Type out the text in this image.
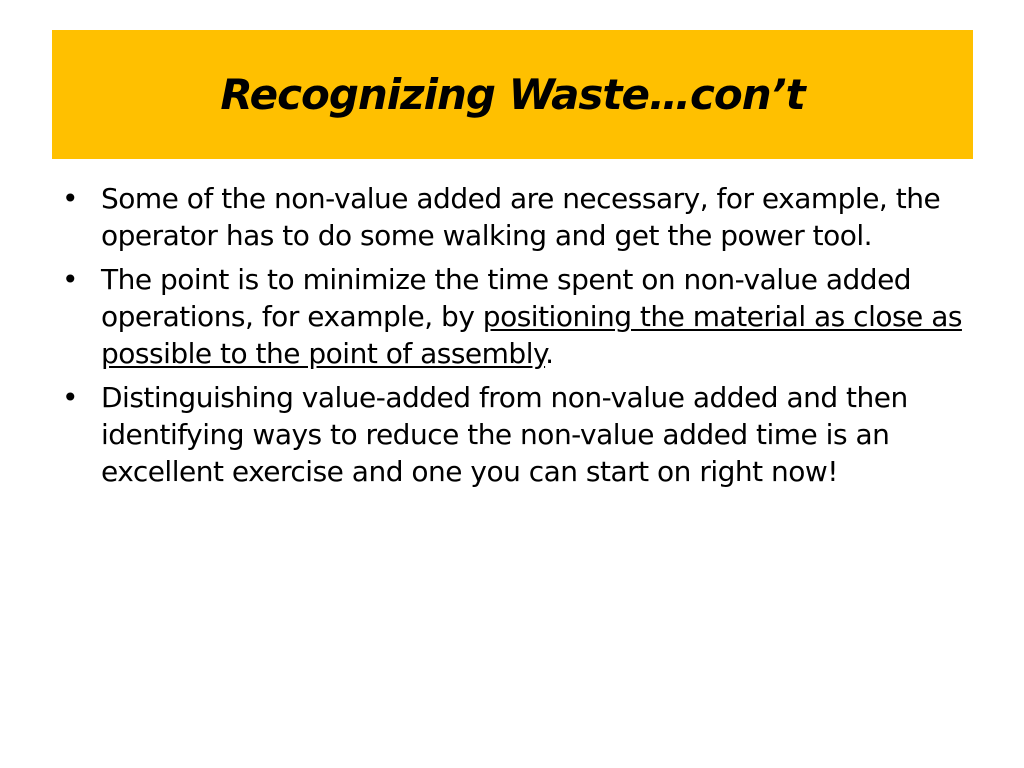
Recognizing Waste…con’t
• Some of the non-value added are necessary, for example, the operator has to do some walking and get the power tool.
• The point is to minimize the time spent on non-value added operations, for example, by positioning the material as close as possible to the point of assembly.
• Distinguishing value-added from non-value added and then identifying ways to reduce the non-value added time is an excellent exercise and one you can start on right now!
